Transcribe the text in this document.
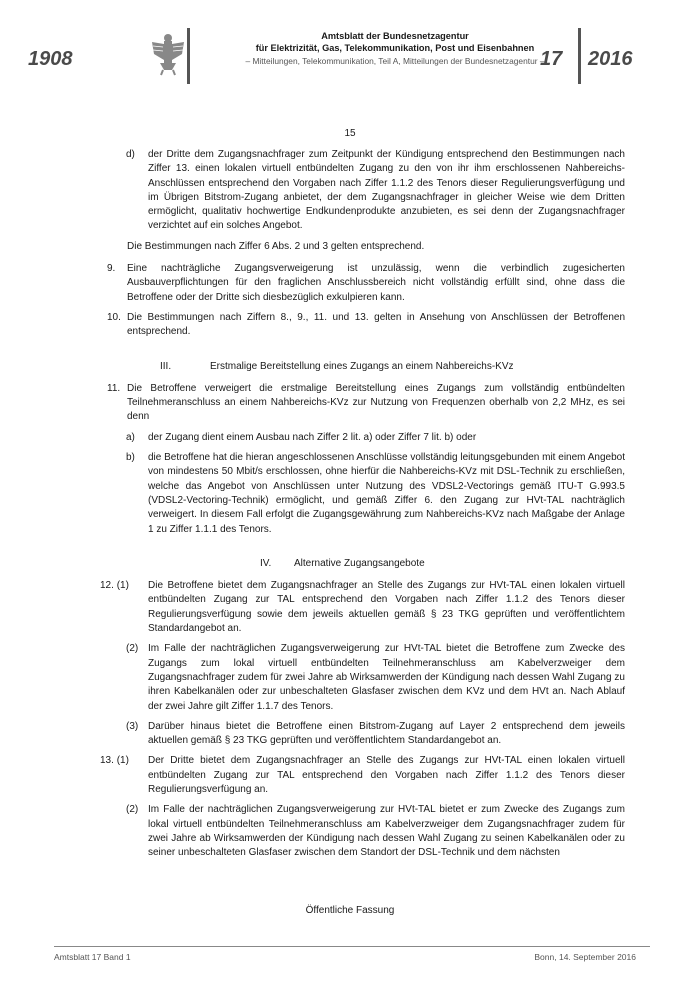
1908
Amtsblatt der Bundesnetzagentur
für Elektrizität, Gas, Telekommunikation, Post und Eisenbahnen
– Mitteilungen, Telekommunikation, Teil A, Mitteilungen der Bundesnetzagentur –
17 2016
15
d)	der Dritte dem Zugangsnachfrager zum Zeitpunkt der Kündigung entsprechend den Bestimmungen nach Ziffer 13. einen lokalen virtuell entbündelten Zugang zu den von ihr ihm erschlossenen Nahbereichs-Anschlüssen entsprechend den Vorgaben nach Ziffer 1.1.2 des Tenors dieser Regulierungsverfügung und im Übrigen Bitstrom-Zugang anbietet, der dem Zugangsnachfrager in gleicher Weise wie dem Dritten ermöglicht, qualitativ hochwertige Endkundenprodukte anzubieten, es sei denn der Zugangsnachfrager verzichtet auf ein solches Angebot.
Die Bestimmungen nach Ziffer 6 Abs. 2 und 3 gelten entsprechend.
9.	Eine nachträgliche Zugangsverweigerung ist unzulässig, wenn die verbindlich zugesicherten Ausbauverpflichtungen für den fraglichen Anschlussbereich nicht vollständig erfüllt sind, ohne dass die Betroffene oder der Dritte sich diesbezüglich exkulpieren kann.
10. Die Bestimmungen nach Ziffern 8., 9., 11. und 13. gelten in Ansehung von Anschlüssen der Betroffenen entsprechend.
III.	Erstmalige Bereitstellung eines Zugangs an einem Nahbereichs-KVz
11. Die Betroffene verweigert die erstmalige Bereitstellung eines Zugangs zum vollständig entbündelten Teilnehmeranschluss an einem Nahbereichs-KVz zur Nutzung von Frequenzen oberhalb von 2,2 MHz, es sei denn
a)	der Zugang dient einem Ausbau nach Ziffer 2 lit. a) oder Ziffer 7 lit. b) oder
b)	die Betroffene hat die hieran angeschlossenen Anschlüsse vollständig leitungsgebunden mit einem Angebot von mindestens 50 Mbit/s erschlossen, ohne hierfür die Nahbereichs-KVz mit DSL-Technik zu erschließen, welche das Angebot von Anschlüssen unter Nutzung des VDSL2-Vectorings gemäß ITU-T G.993.5 (VDSL2-Vectoring-Technik) ermöglicht, und gemäß Ziffer 6. den Zugang zur HVt-TAL nachträglich verweigert. In diesem Fall erfolgt die Zugangsgewährung zum Nahbereichs-KVz nach Maßgabe der Anlage 1 zu Ziffer 1.1.1 des Tenors.
IV. Alternative Zugangsangebote
12. (1)	Die Betroffene bietet dem Zugangsnachfrager an Stelle des Zugangs zur HVt-TAL einen lokalen virtuell entbündelten Zugang zur TAL entsprechend den Vorgaben nach Ziffer 1.1.2 des Tenors dieser Regulierungsverfügung sowie dem jeweils aktuellen gemäß § 23 TKG geprüften und veröffentlichtem Standardangebot an.
(2) Im Falle der nachträglichen Zugangsverweigerung zur HVt-TAL bietet die Betroffene zum Zwecke des Zugangs zum lokal virtuell entbündelten Teilnehmeranschluss am Kabelverzweiger dem Zugangsnachfrager zudem für zwei Jahre ab Wirksamwerden der Kündigung nach dessen Wahl Zugang zu ihren Kabelkanälen oder zur unbeschalteten Glasfaser zwischen dem KVz und dem HVt an. Nach Ablauf der zwei Jahre gilt Ziffer 1.1.7 des Tenors.
(3) Darüber hinaus bietet die Betroffene einen Bitstrom-Zugang auf Layer 2 entsprechend dem jeweils aktuellen gemäß § 23 TKG geprüften und veröffentlichtem Standardangebot an.
13. (1)	Der Dritte bietet dem Zugangsnachfrager an Stelle des Zugangs zur HVt-TAL einen lokalen virtuell entbündelten Zugang zur TAL entsprechend den Vorgaben nach Ziffer 1.1.2 des Tenors dieser Regulierungsverfügung an.
(2) Im Falle der nachträglichen Zugangsverweigerung zur HVt-TAL bietet er zum Zwecke des Zugangs zum lokal virtuell entbündelten Teilnehmeranschluss am Kabelverzweiger dem Zugangsnachfrager zudem für zwei Jahre ab Wirksamwerden der Kündigung nach dessen Wahl Zugang zu seinen Kabelkanälen oder zu seiner unbeschalteten Glasfaser zwischen dem Standort der DSL-Technik und dem nächsten
Öffentliche Fassung
Amtsblatt 17 Band 1	Bonn, 14. September 2016
